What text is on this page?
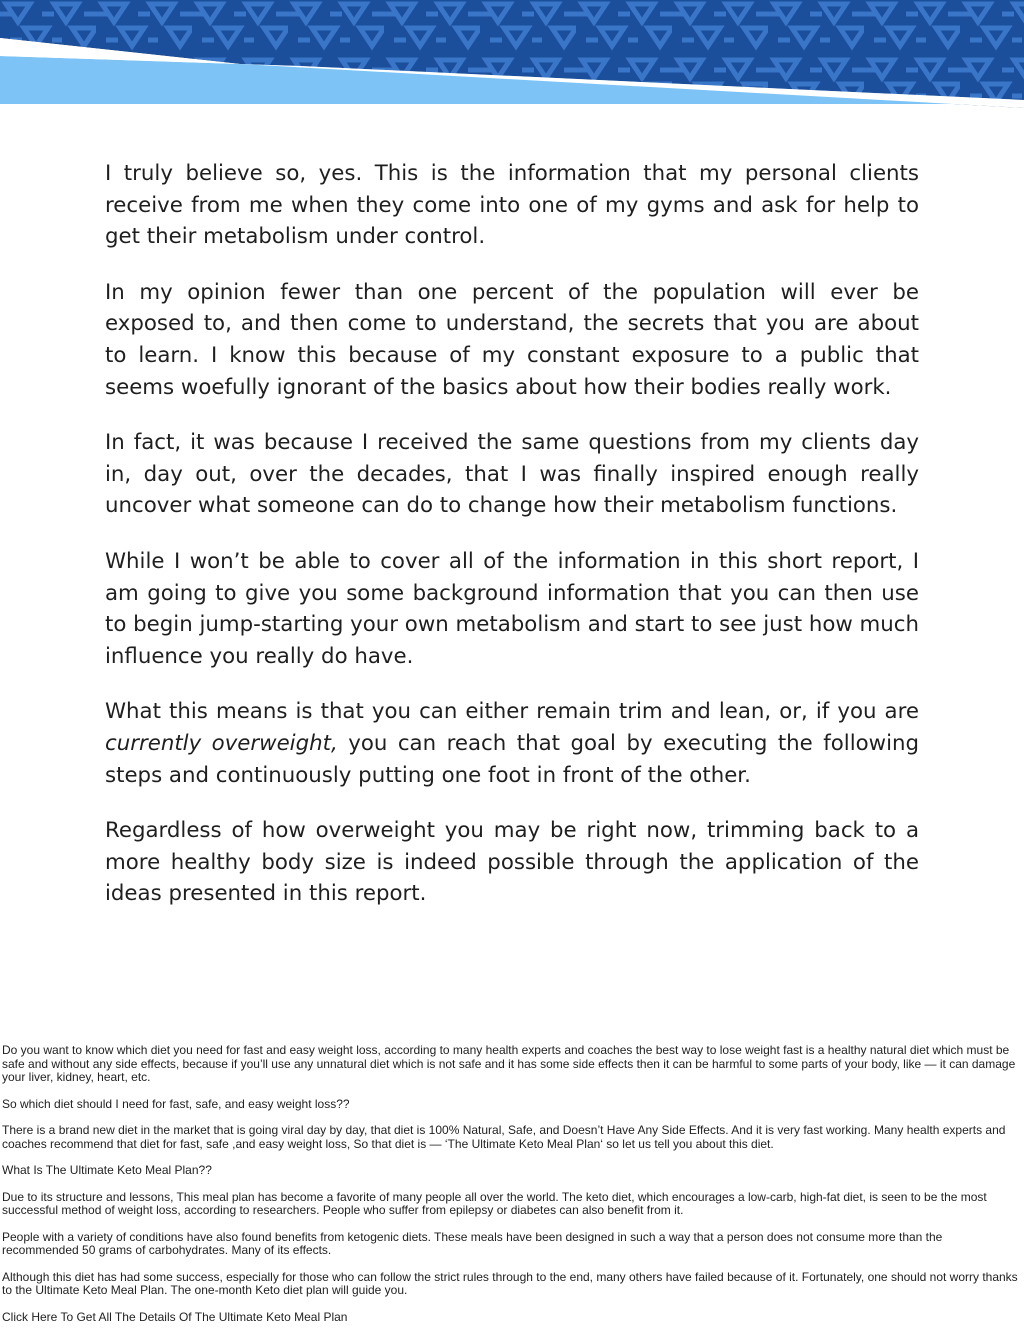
I truly believe so, yes. This is the information that my personal clients receive from me when they come into one of my gyms and ask for help to get their metabolism under control.

In my opinion fewer than one percent of the population will ever be exposed to, and then come to understand, the secrets that you are about to learn. I know this because of my constant exposure to a public that seems woefully ignorant of the basics about how their bodies really work.

In fact, it was because I received the same questions from my clients day in, day out, over the decades, that I was finally inspired enough really uncover what someone can do to change how their metabolism functions.

While I won’t be able to cover all of the information in this short report, I am going to give you some background information that you can then use to begin jump-starting your own metabolism and start to see just how much influence you really do have.

What this means is that you can either remain trim and lean, or, if you are currently overweight, you can reach that goal by executing the following steps and continuously putting one foot in front of the other.

Regardless of how overweight you may be right now, trimming back to a more healthy body size is indeed possible through the application of the ideas presented in this report.

Do you want to know which diet you need for fast and easy weight loss, according to many health experts and coaches the best way to lose weight fast is a healthy natural diet which must be safe and without any side effects, because if you’ll use any unnatural diet which is not safe and it has some side effects then it can be harmful to some parts of your body, like — it can damage your liver, kidney, heart, etc.

So which diet should I need for fast, safe, and easy weight loss??

There is a brand new diet in the market that is going viral day by day, that diet is 100% Natural, Safe, and Doesn’t Have Any Side Effects. And it is very fast working. Many health experts and coaches recommend that diet for fast, safe ,and easy weight loss, So that diet is — ‘The Ultimate Keto Meal Plan‘ so let us tell you about this diet.

What Is The Ultimate Keto Meal Plan??

Due to its structure and lessons, This meal plan has become a favorite of many people all over the world. The keto diet, which encourages a low-carb, high-fat diet, is seen to be the most successful method of weight loss, according to researchers. People who suffer from epilepsy or diabetes can also benefit from it.

People with a variety of conditions have also found benefits from ketogenic diets. These meals have been designed in such a way that a person does not consume more than the recommended 50 grams of carbohydrates. Many of its effects.

Although this diet has had some success, especially for those who can follow the strict rules through to the end, many others have failed because of it. Fortunately, one should not worry thanks to the Ultimate Keto Meal Plan. The one-month Keto diet plan will guide you.

Click Here To Get All The Details Of The Ultimate Keto Meal Plan
